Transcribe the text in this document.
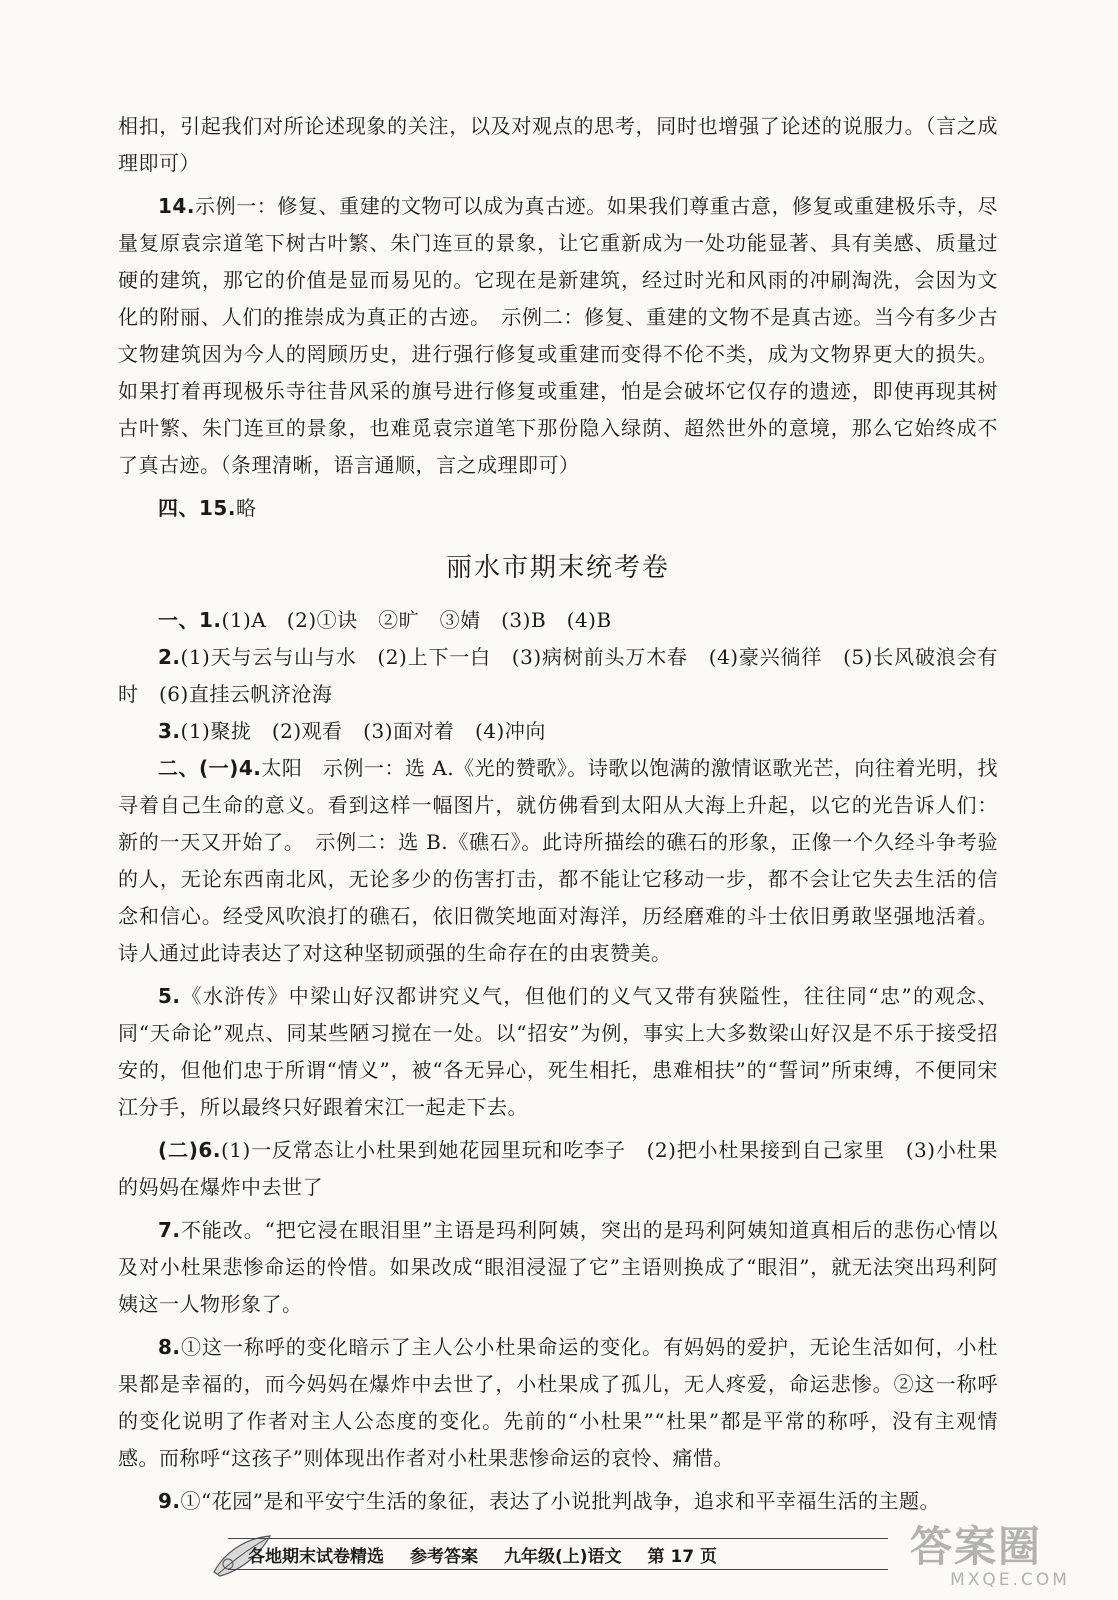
相扣，引起我们对所论述现象的关注，以及对观点的思考，同时也增强了论述的说服力。（言之成理即可）

14.示例一：修复、重建的文物可以成为真古迹。如果我们尊重古意，修复或重建极乐寺，尽量复原袁宗道笔下树古叶繁、朱门连亘的景象，让它重新成为一处功能显著、具有美感、质量过硬的建筑，那它的价值是显而易见的。它现在是新建筑，经过时光和风雨的冲刷淘洗，会因为文化的附丽、人们的推崇成为真正的古迹。　示例二：修复、重建的文物不是真古迹。当今有多少古文物建筑因为今人的罔顾历史，进行强行修复或重建而变得不伦不类，成为文物界更大的损失。如果打着再现极乐寺往昔风采的旗号进行修复或重建，怕是会破坏它仅存的遗迹，即使再现其树古叶繁、朱门连亘的景象，也难觅袁宗道笔下那份隐入绿荫、超然世外的意境，那么它始终成不了真古迹。（条理清晰，语言通顺，言之成理即可）

四、15.略

丽水市期末统考卷

一、1.(1)A　(2)①诀　②旷　③婧　(3)B　(4)B

2.(1)天与云与山与水　(2)上下一白　(3)病树前头万木春　(4)豪兴徜徉　(5)长风破浪会有时　(6)直挂云帆济沧海

3.(1)聚拢　(2)观看　(3)面对着　(4)冲向

二、(一)4.太阳　示例一：选 A.《光的赞歌》。诗歌以饱满的激情讴歌光芒，向往着光明，找寻着自己生命的意义。看到这样一幅图片，就仿佛看到太阳从大海上升起，以它的光告诉人们：新的一天又开始了。　示例二：选 B.《礁石》。此诗所描绘的礁石的形象，正像一个久经斗争考验的人，无论东西南北风，无论多少的伤害打击，都不能让它移动一步，都不会让它失去生活的信念和信心。经受风吹浪打的礁石，依旧微笑地面对海洋，历经磨难的斗士依旧勇敢坚强地活着。诗人通过此诗表达了对这种坚韧顽强的生命存在的由衷赞美。

5.《水浒传》中梁山好汉都讲究义气，但他们的义气又带有狭隘性，往往同“忠”的观念、同“天命论”观点、同某些陋习搅在一处。以“招安”为例，事实上大多数梁山好汉是不乐于接受招安的，但他们忠于所谓“情义”，被“各无异心，死生相托，患难相扶”的“誓词”所束缚，不便同宋江分手，所以最终只好跟着宋江一起走下去。

(二)6.(1)一反常态让小杜果到她花园里玩和吃李子　(2)把小杜果接到自己家里　(3)小杜果的妈妈在爆炸中去世了

7.不能改。“把它浸在眼泪里”主语是玛利阿姨，突出的是玛利阿姨知道真相后的悲伤心情以及对小杜果悲惨命运的怜惜。如果改成“眼泪浸湿了它”主语则换成了“眼泪”，就无法突出玛利阿姨这一人物形象了。

8.①这一称呼的变化暗示了主人公小杜果命运的变化。有妈妈的爱护，无论生活如何，小杜果都是幸福的，而今妈妈在爆炸中去世了，小杜果成了孤儿，无人疼爱，命运悲惨。②这一称呼的变化说明了作者对主人公态度的变化。先前的“小杜果”“杜果”都是平常的称呼，没有主观情感。而称呼“这孩子”则体现出作者对小杜果悲惨命运的哀怜、痛惜。

9.①“花园”是和平安宁生活的象征，表达了小说批判战争，追求和平幸福生活的主题。

各地期末试卷精选 参考答案 九年级(上)语文 第 17 页	答案圈
MXQE.COM
